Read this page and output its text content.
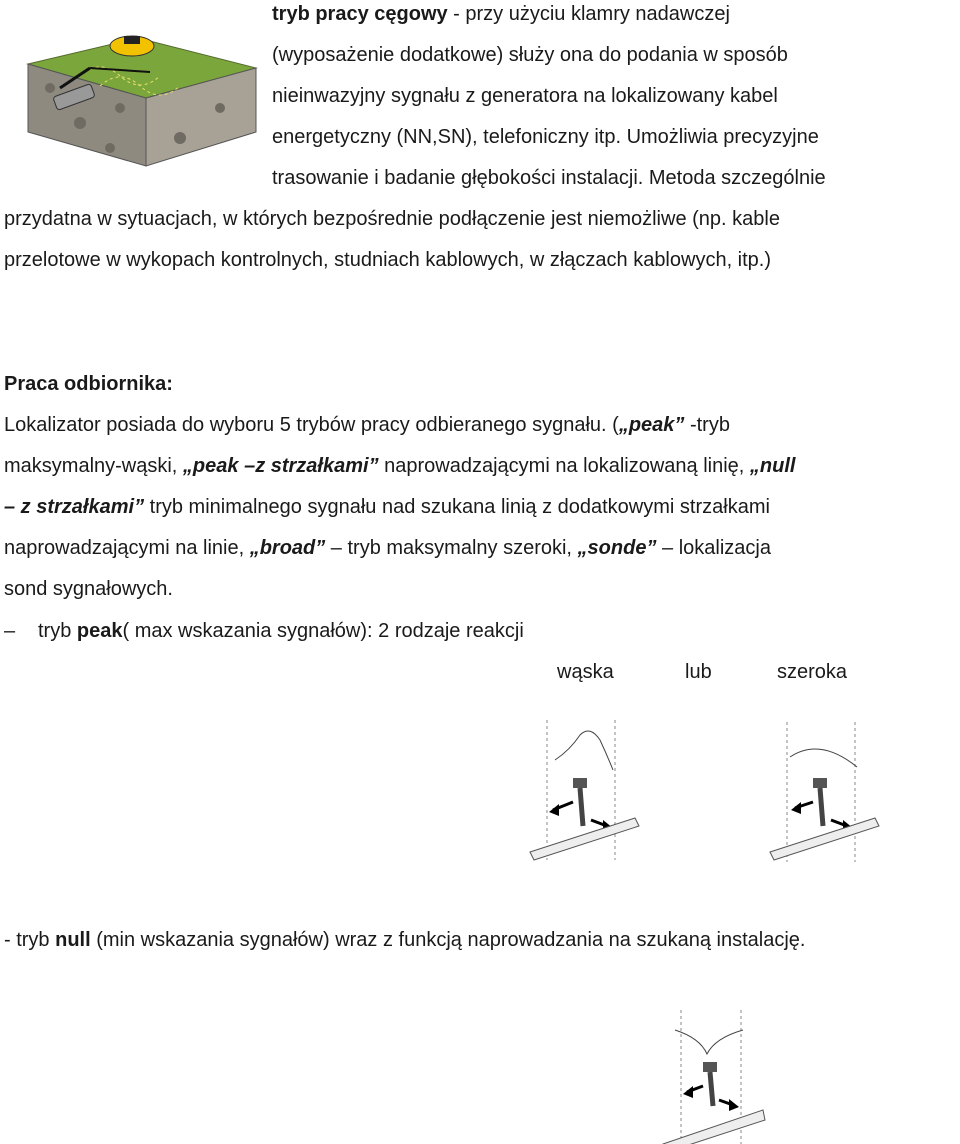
tryb pracy cęgowy - przy użyciu klamry nadawczej
(wyposażenie dodatkowe) służy ona do podania w sposób
nieinwazyjny sygnału z generatora na lokalizowany kabel
energetyczny (NN,SN), telefoniczny itp. Umożliwia precyzyjne
trasowanie i badanie głębokości instalacji. Metoda szczególnie
przydatna w sytuacjach, w których bezpośrednie podłączenie jest niemożliwe (np. kable
przelotowe w wykopach kontrolnych, studniach kablowych, w złączach kablowych, itp.)
Praca odbiornika:
Lokalizator posiada do wyboru 5 trybów pracy odbieranego sygnału. („peak” -tryb
maksymalny-wąski, „peak –z strzałkami” naprowadzającymi na lokalizowaną linię, „null
– z strzałkami” tryb minimalnego sygnału nad szukana linią z dodatkowymi strzałkami
naprowadzającymi na linie, „broad” – tryb maksymalny szeroki, „sonde” – lokalizacja
sond sygnałowych.
– tryb peak( max wskazania sygnałów): 2 rodzaje reakcji
wąska	lub	szeroka
- tryb null (min wskazania sygnałów) wraz z funkcją naprowadzania na szukaną instalację.
